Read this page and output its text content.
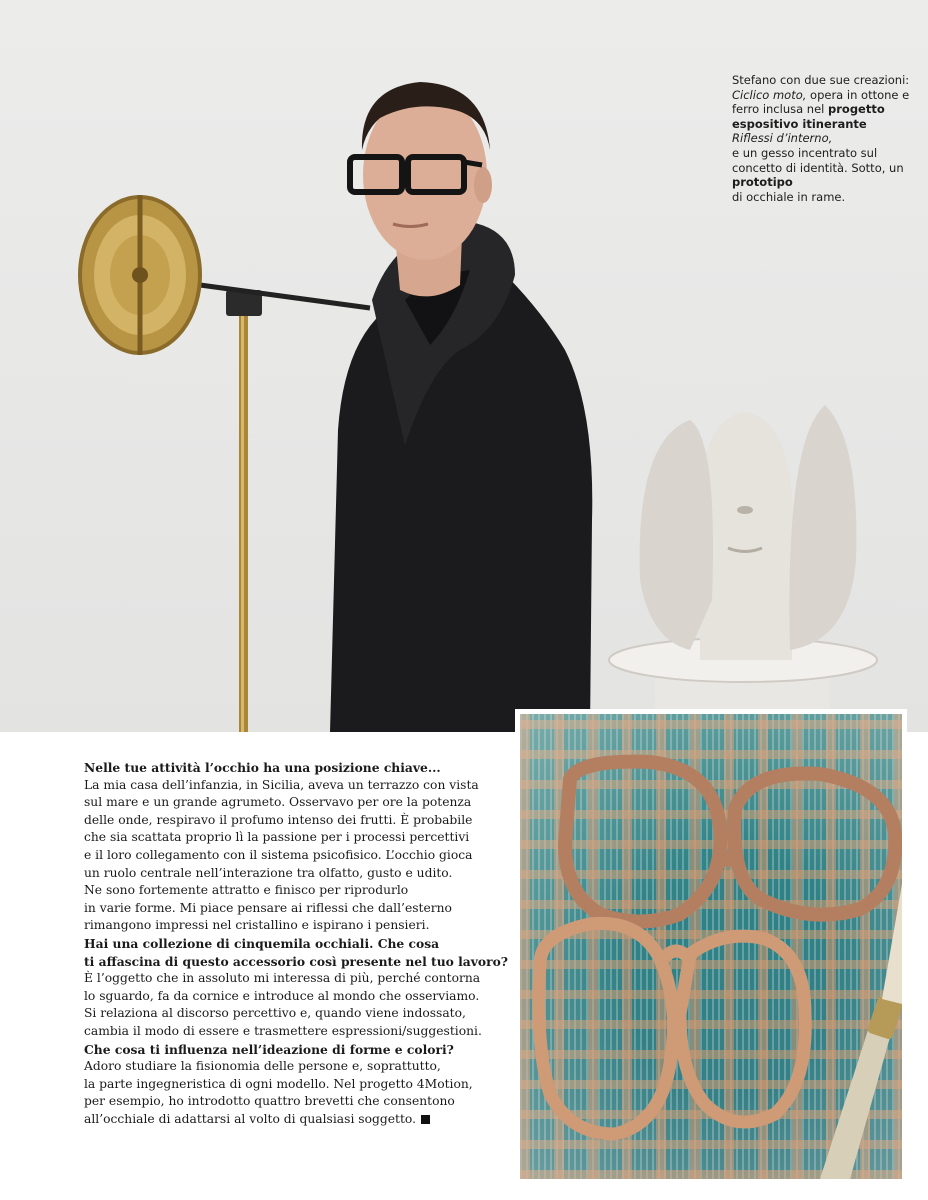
Stefano con due sue creazioni: Ciclico moto, opera in ottone e ferro inclusa nel progetto espositivo itinerante
Riflessi d’interno,
e un gesso incentrato sul concetto di identità. Sotto, un prototipo
di occhiale in rame.

Nelle tue attività l’occhio ha una posizione chiave...
La mia casa dell’infanzia, in Sicilia, aveva un terrazzo con vista
sul mare e un grande agrumeto. Osservavo per ore la potenza
delle onde, respiravo il profumo intenso dei frutti. È probabile
che sia scattata proprio lì la passione per i processi percettivi
e il loro collegamento con il sistema psicofisico. L’occhio gioca
un ruolo centrale nell’interazione tra olfatto, gusto e udito.
Ne sono fortemente attratto e finisco per riprodurlo
in varie forme. Mi piace pensare ai riflessi che dall’esterno
rimangono impressi nel cristallino e ispirano i pensieri.
Hai una collezione di cinquemila occhiali. Che cosa
ti affascina di questo accessorio così presente nel tuo lavoro?
È l’oggetto che in assoluto mi interessa di più, perché contorna
lo sguardo, fa da cornice e introduce al mondo che osserviamo.
Si relaziona al discorso percettivo e, quando viene indossato,
cambia il modo di essere e trasmettere espressioni/suggestioni.
Che cosa ti influenza nell’ideazione di forme e colori?
Adoro studiare la fisionomia delle persone e, soprattutto,
la parte ingegneristica di ogni modello. Nel progetto 4Motion,
per esempio, ho introdotto quattro brevetti che consentono
all’occhiale di adattarsi al volto di qualsiasi soggetto.
